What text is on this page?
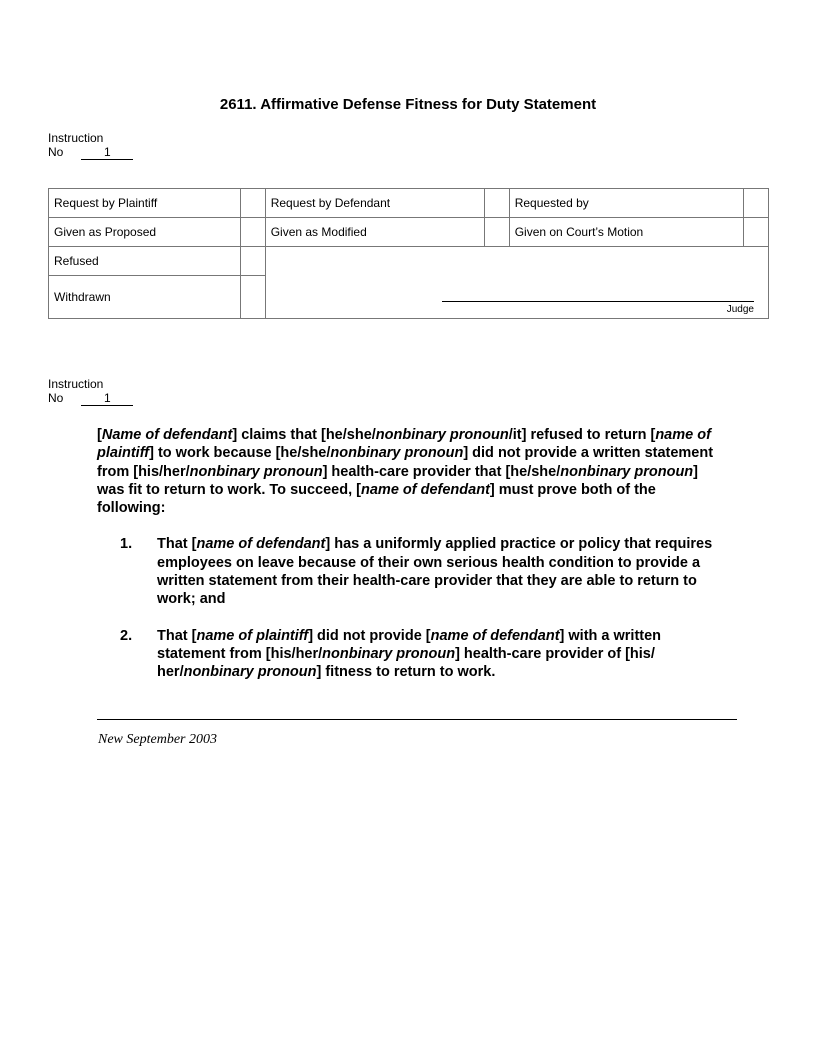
2611. Affirmative Defense Fitness for Duty Statement
Instruction
No	1
Request by Plaintiff		Request by Defendant		Requested by	
Given as Proposed		Given as Modified		Given on Court’s Motion	
Refused		Judge			

Withdrawn					
Instruction
No	1

[Name of defendant] claims that [he/she/nonbinary pronoun/it] refused to return [name of plaintiff] to work because [he/she/nonbinary pronoun] did not provide a written statement from [his/her/nonbinary pronoun] health-care provider that [he/she/nonbinary pronoun] was fit to return to work. To succeed, [name of defendant] must prove both of the following:

1. That [name of defendant] has a uniformly applied practice or policy that requires employees on leave because of their own serious health condition to provide a written statement from their health-care provider that they are able to return to work; and
2. That [name of plaintiff] did not provide [name of defendant] with a written statement from [his/her/nonbinary pronoun] health-care provider of [his/ her/nonbinary pronoun] fitness to return to work.
New September 2003
